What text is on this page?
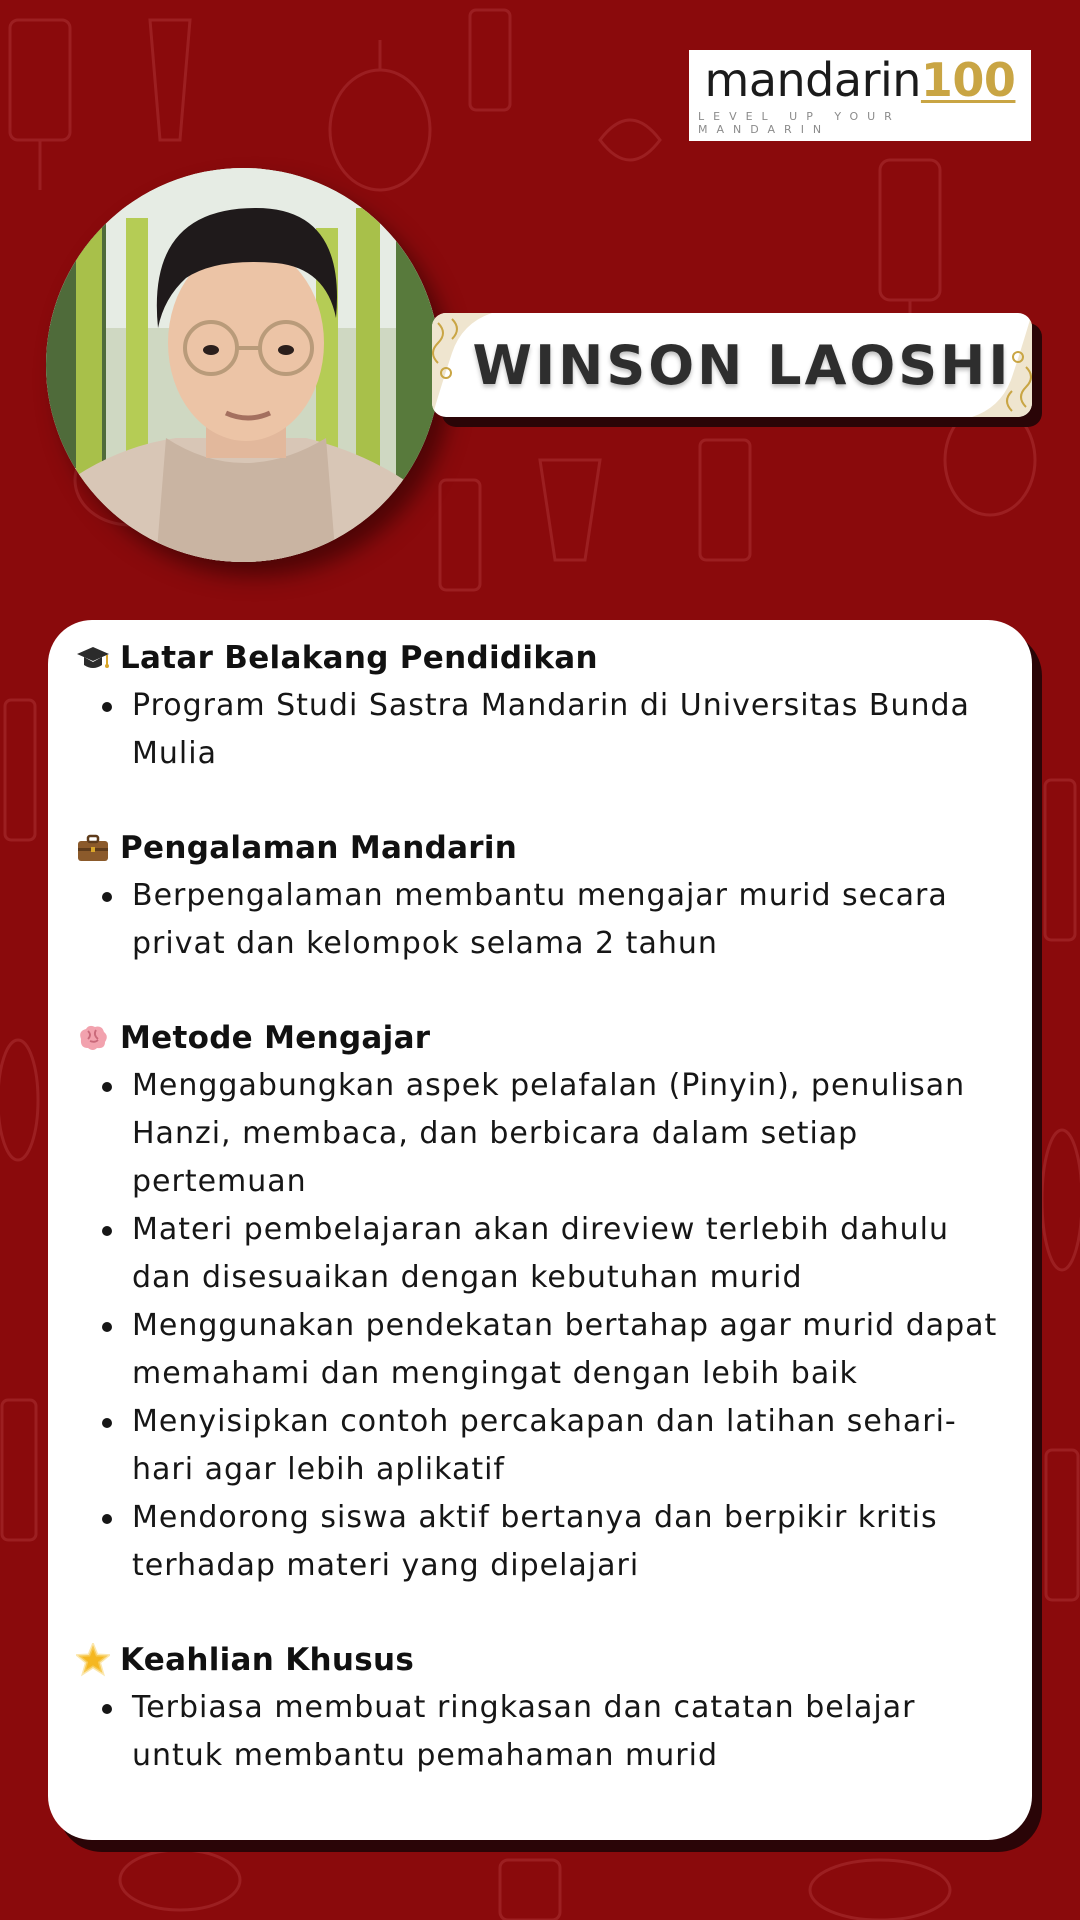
mandarin100
LEVEL UP YOUR MANDARIN
WINSON LAOSHI
Latar Belakang Pendidikan
Program Studi Sastra Mandarin di Universitas Bunda Mulia
Pengalaman Mandarin
Berpengalaman membantu mengajar murid secara privat dan kelompok selama 2 tahun
Metode Mengajar
Menggabungkan aspek pelafalan (Pinyin), penulisan Hanzi, membaca, dan berbicara dalam setiap pertemuan
Materi pembelajaran akan direview terlebih dahulu dan disesuaikan dengan kebutuhan murid
Menggunakan pendekatan bertahap agar murid dapat memahami dan mengingat dengan lebih baik
Menyisipkan contoh percakapan dan latihan sehari-hari agar lebih aplikatif
Mendorong siswa aktif bertanya dan berpikir kritis terhadap materi yang dipelajari
Keahlian Khusus
Terbiasa membuat ringkasan dan catatan belajar untuk membantu pemahaman murid
